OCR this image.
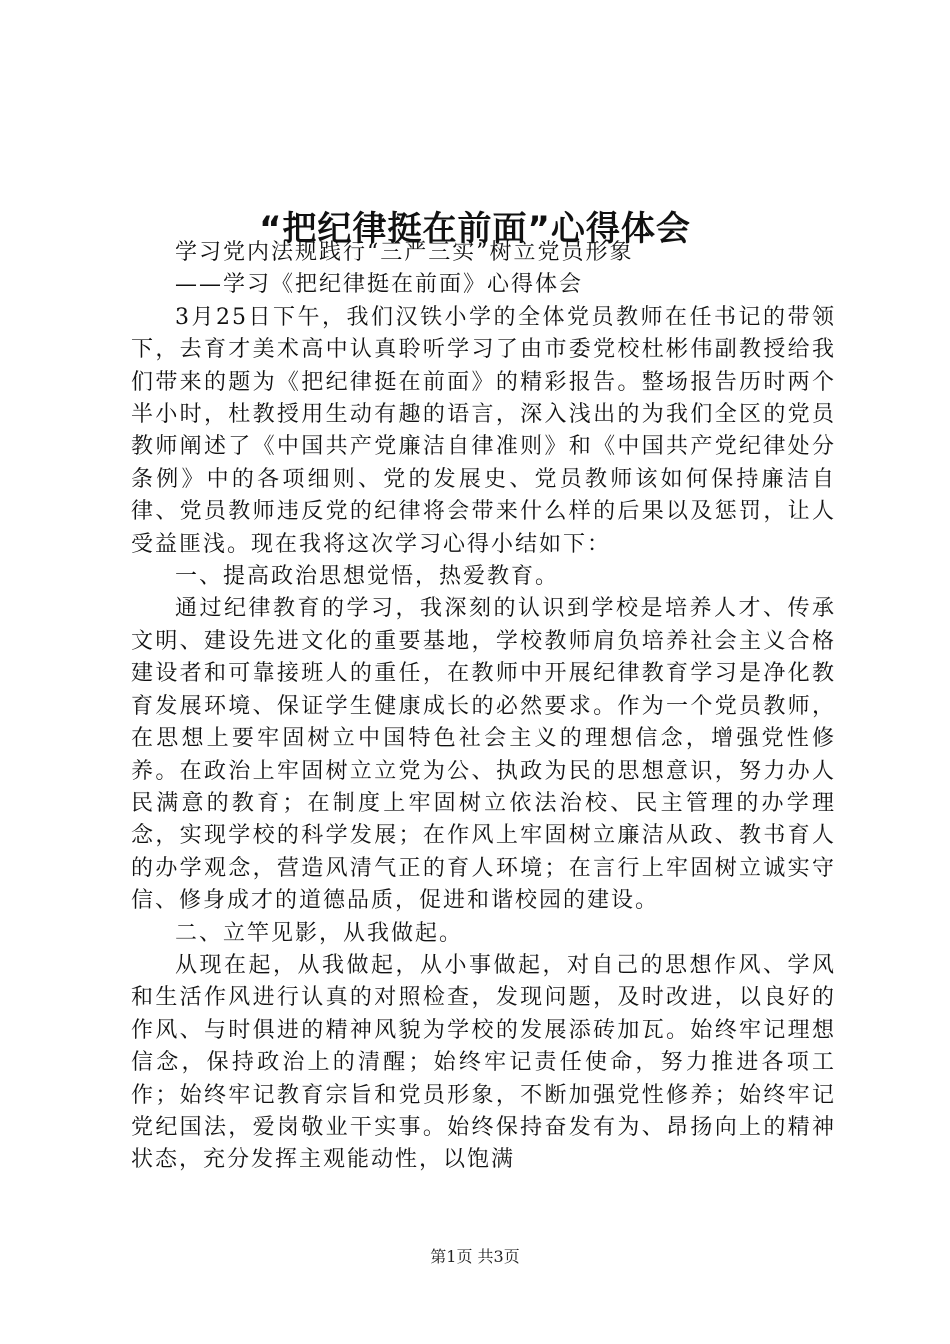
“把纪律挺在前面”心得体会

学习党内法规践行“三严三实”树立党员形象

——学习《把纪律挺在前面》心得体会

3月25日下午，我们汉铁小学的全体党员教师在任书记的带领下，去育才美术高中认真聆听学习了由市委党校杜彬伟副教授给我们带来的题为《把纪律挺在前面》的精彩报告。整场报告历时两个半小时，杜教授用生动有趣的语言，深入浅出的为我们全区的党员教师阐述了《中国共产党廉洁自律准则》和《中国共产党纪律处分条例》中的各项细则、党的发展史、党员教师该如何保持廉洁自律、党员教师违反党的纪律将会带来什么样的后果以及惩罚，让人受益匪浅。现在我将这次学习心得小结如下：

一、提高政治思想觉悟，热爱教育。

通过纪律教育的学习，我深刻的认识到学校是培养人才、传承文明、建设先进文化的重要基地，学校教师肩负培养社会主义合格建设者和可靠接班人的重任，在教师中开展纪律教育学习是净化教育发展环境、保证学生健康成长的必然要求。作为一个党员教师，在思想上要牢固树立中国特色社会主义的理想信念，增强党性修养。在政治上牢固树立立党为公、执政为民的思想意识，努力办人民满意的教育；在制度上牢固树立依法治校、民主管理的办学理念，实现学校的科学发展；在作风上牢固树立廉洁从政、教书育人的办学观念，营造风清气正的育人环境；在言行上牢固树立诚实守信、修身成才的道德品质，促进和谐校园的建设。

二、立竿见影，从我做起。

从现在起，从我做起，从小事做起，对自己的思想作风、学风和生活作风进行认真的对照检查，发现问题，及时改进，以良好的作风、与时俱进的精神风貌为学校的发展添砖加瓦。始终牢记理想信念，保持政治上的清醒；始终牢记责任使命，努力推进各项工作；始终牢记教育宗旨和党员形象，不断加强党性修养；始终牢记党纪国法，爱岗敬业干实事。始终保持奋发有为、昂扬向上的精神状态，充分发挥主观能动性，以饱满

第1页 共3页
